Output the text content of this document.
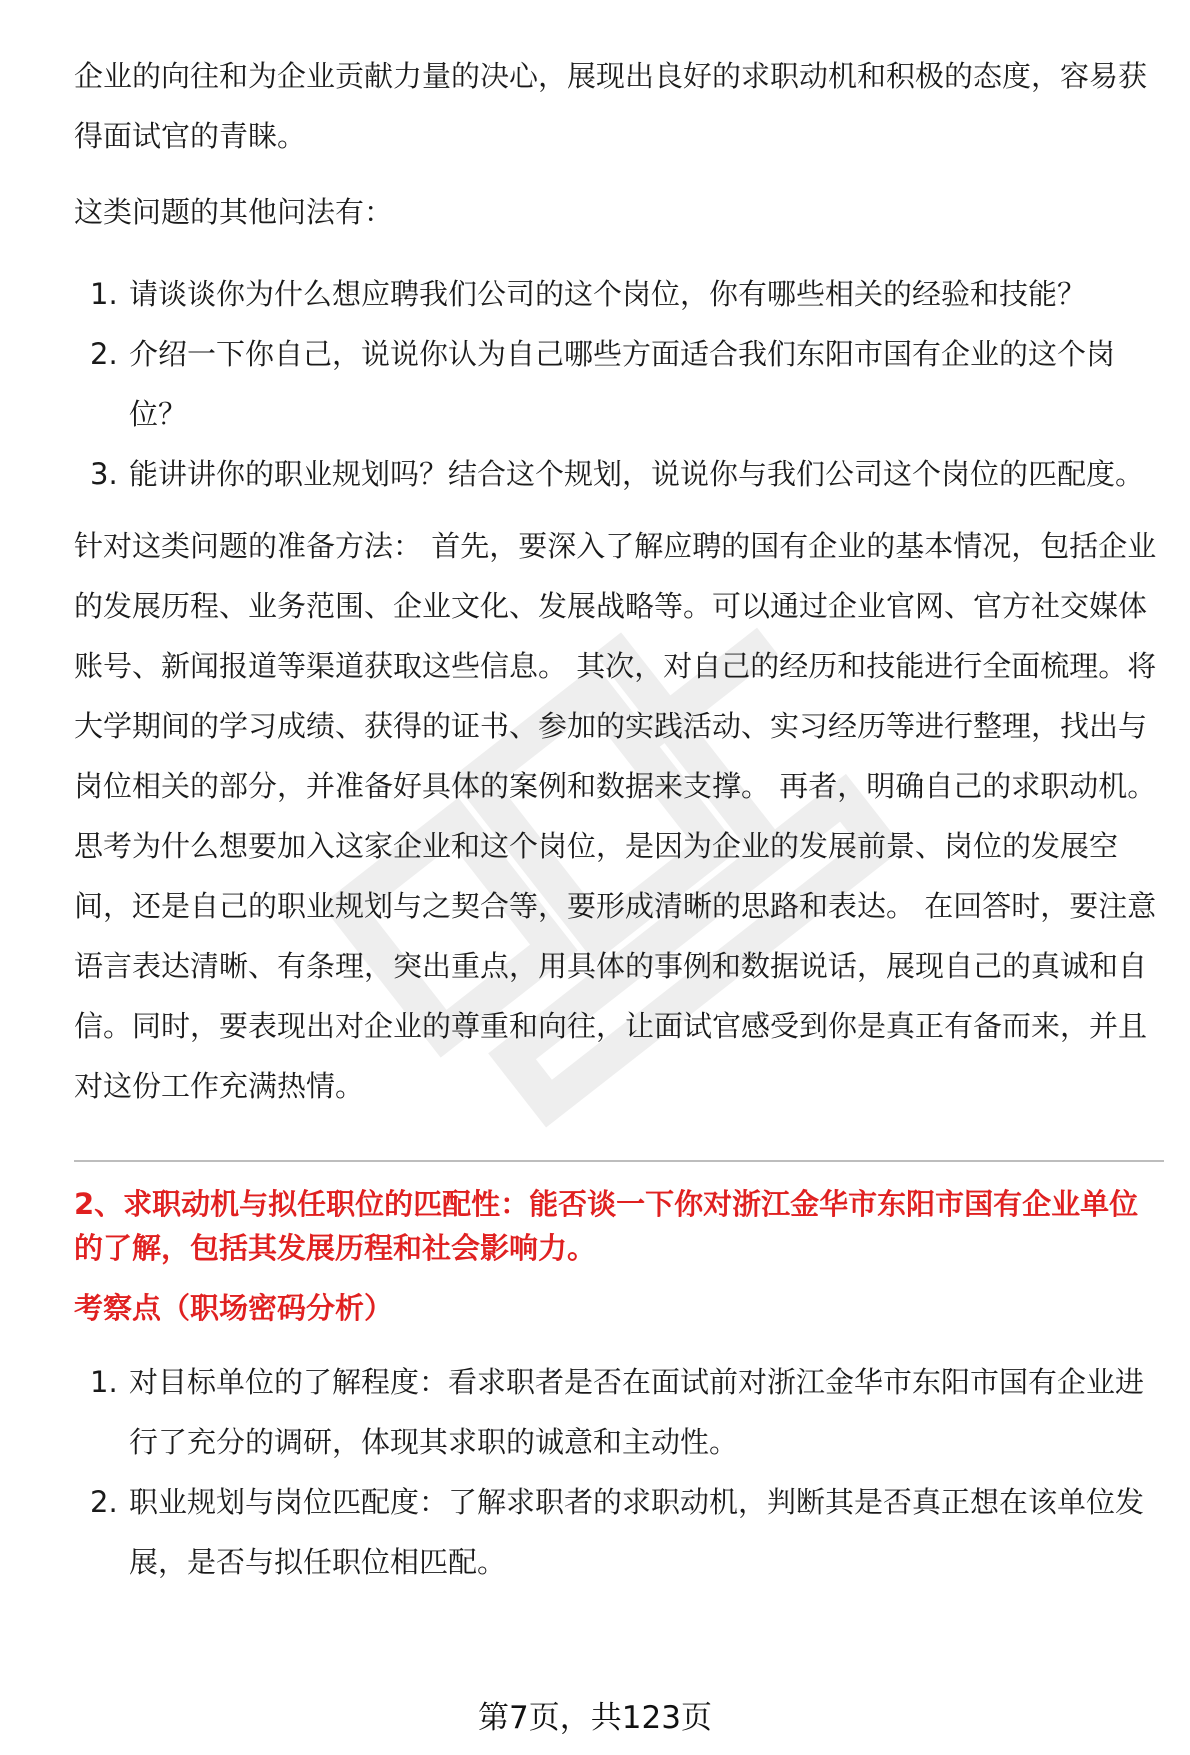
企业的向往和为企业贡献力量的决心，展现出良好的求职动机和积极的态度，容易获得面试官的青睐。

这类问题的其他问法有：

1. 请谈谈你为什么想应聘我们公司的这个岗位，你有哪些相关的经验和技能？
2. 介绍一下你自己，说说你认为自己哪些方面适合我们东阳市国有企业的这个岗位？
3. 能讲讲你的职业规划吗？结合这个规划，说说你与我们公司这个岗位的匹配度。

针对这类问题的准备方法： 首先，要深入了解应聘的国有企业的基本情况，包括企业的发展历程、业务范围、企业文化、发展战略等。可以通过企业官网、官方社交媒体账号、新闻报道等渠道获取这些信息。 其次，对自己的经历和技能进行全面梳理。将大学期间的学习成绩、获得的证书、参加的实践活动、实习经历等进行整理，找出与岗位相关的部分，并准备好具体的案例和数据来支撑。 再者，明确自己的求职动机。思考为什么想要加入这家企业和这个岗位，是因为企业的发展前景、岗位的发展空间，还是自己的职业规划与之契合等，要形成清晰的思路和表达。 在回答时，要注意语言表达清晰、有条理，突出重点，用具体的事例和数据说话，展现自己的真诚和自信。同时，要表现出对企业的尊重和向往，让面试官感受到你是真正有备而来，并且对这份工作充满热情。

2、求职动机与拟任职位的匹配性：能否谈一下你对浙江金华市东阳市国有企业单位的了解，包括其发展历程和社会影响力。
考察点（职场密码分析）
1. 对目标单位的了解程度：看求职者是否在面试前对浙江金华市东阳市国有企业进行了充分的调研，体现其求职的诚意和主动性。
2. 职业规划与岗位匹配度：了解求职者的求职动机，判断其是否真正想在该单位发展，是否与拟任职位相匹配。
第7页，共123页
